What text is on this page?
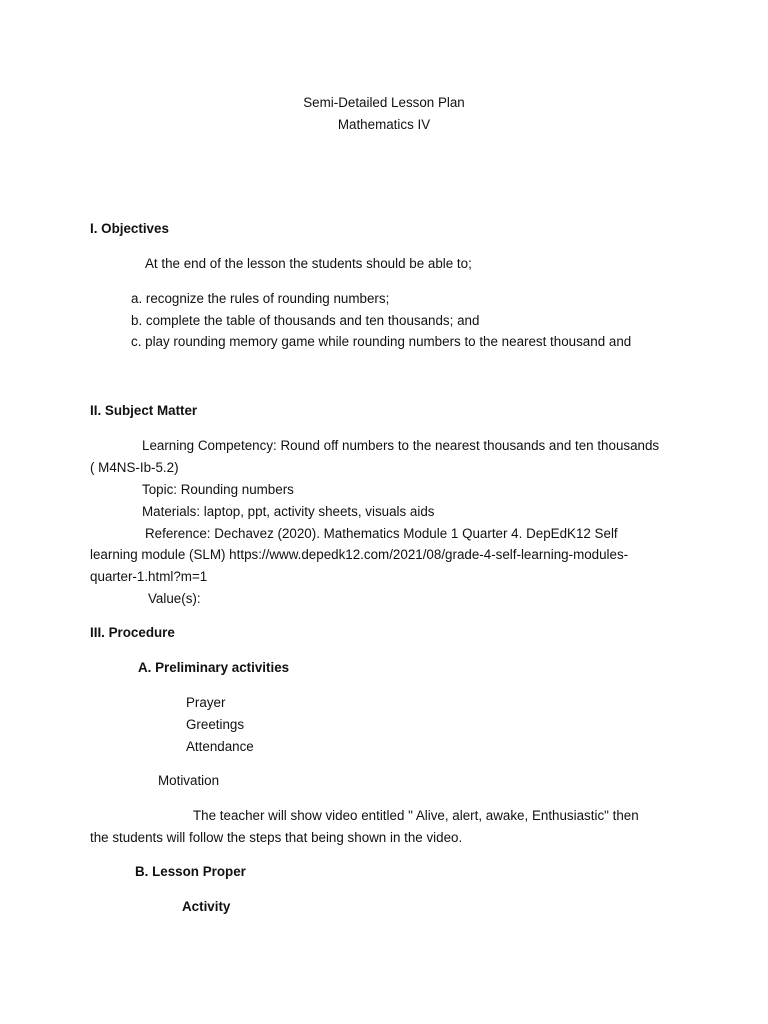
Semi-Detailed Lesson Plan
Mathematics IV
I. Objectives
At the end of the lesson the students should be able to;
a. recognize the rules of rounding numbers;
b. complete the table of thousands and ten thousands; and
c. play rounding memory game while rounding numbers to the nearest thousand and
II. Subject Matter
Learning Competency: Round off numbers to the nearest thousands and ten thousands
( M4NS-Ib-5.2)
Topic: Rounding numbers
Materials: laptop, ppt, activity sheets, visuals aids
Reference: Dechavez (2020). Mathematics Module 1 Quarter 4. DepEdK12 Self
learning module (SLM) https://www.depedk12.com/2021/08/grade-4-self-learning-modules-
quarter-1.html?m=1
Value(s):
III. Procedure
A. Preliminary activities
Prayer
Greetings
Attendance
Motivation
The teacher will show video entitled " Alive, alert, awake, Enthusiastic" then
the students will follow the steps that being shown in the video.
B. Lesson Proper
Activity
